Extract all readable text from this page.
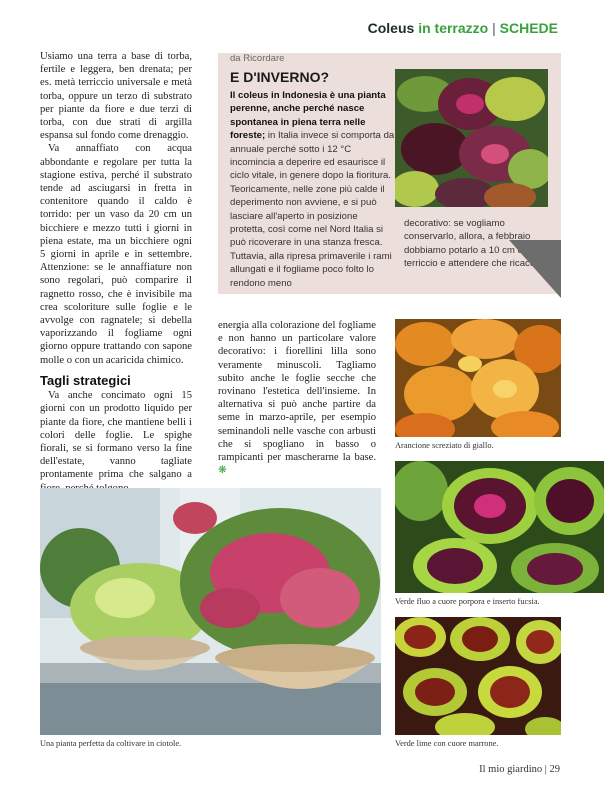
Coleus in terrazzo | SCHEDE

Usiamo una terra a base di torba, fertile e leggera, ben drenata; per es. metà terriccio universale e metà torba, oppure un terzo di substrato per piante da fiore e due terzi di torba, con due strati di argilla espansa sul fondo come drenaggio.

Va annaffiato con acqua abbondante e regolare per tutta la stagione estiva, perché il substrato tende ad asciugarsi in fretta in contenitore quando il caldo è torrido: per un vaso da 20 cm un bicchiere e mezzo tutti i giorni in piena estate, ma un bicchiere ogni 5 giorni in aprile e in settembre. Attenzione: se le annaffiature non sono regolari, può comparire il ragnetto rosso, che è invisibile ma crea scoloriture sulle foglie e le avvolge con ragnatele; si debella vaporizzando il fogliame ogni giorno oppure trattando con sapone molle o con un acaricida chimico.

Tagli strategici

Va anche concimato ogni 15 giorni con un prodotto liquido per piante da fiore, che mantiene belli i colori delle foglie. Le spighe fiorali, se si formano verso la fine dell'estate, vanno tagliate prontamente prima che salgano a

energia alla colorazione del fogliame e non hanno un particolare valore decorativo: i fiorellini lilla sono veramente minuscoli. Tagliamo subito anche le foglie secche che rovinano l'estetica dell'insieme. In alternativa si può anche partire da seme in marzo-aprile, per esempio seminandoli nelle vasche con arbusti che si spogliano in basso o rampicanti per mascherarne la base. ❋

da Ricordare
E D'INVERNO?
Il coleus in Indonesia è una pianta perenne, anche perché nasce spontanea in piena terra nelle foreste; in Italia invece si comporta da annuale perché sotto i 12 °C incomincia a deperire ed esaurisce il ciclo vitale, in genere dopo la fioritura. Teoricamente, nelle zone più calde il deperimento non avviene, e si può lasciare all'aperto in posizione protetta, così come nel Nord Italia si può ricoverare in una stanza fresca. Tuttavia, alla ripresa primaverile i rami allungati e il fogliame poco folto lo rendono meno
decorativo: se vogliamo conservarlo, allora, a febbraio dobbiamo potarlo a 10 cm dal terriccio e attendere che ricacci.
Arancione screziato di giallo.
Verde fluo a cuore porpora e inserto fucsia.
Una pianta perfetta da coltivare in ciotole.	Verde lime con cuore marrone.
Il mio giardino | 29
